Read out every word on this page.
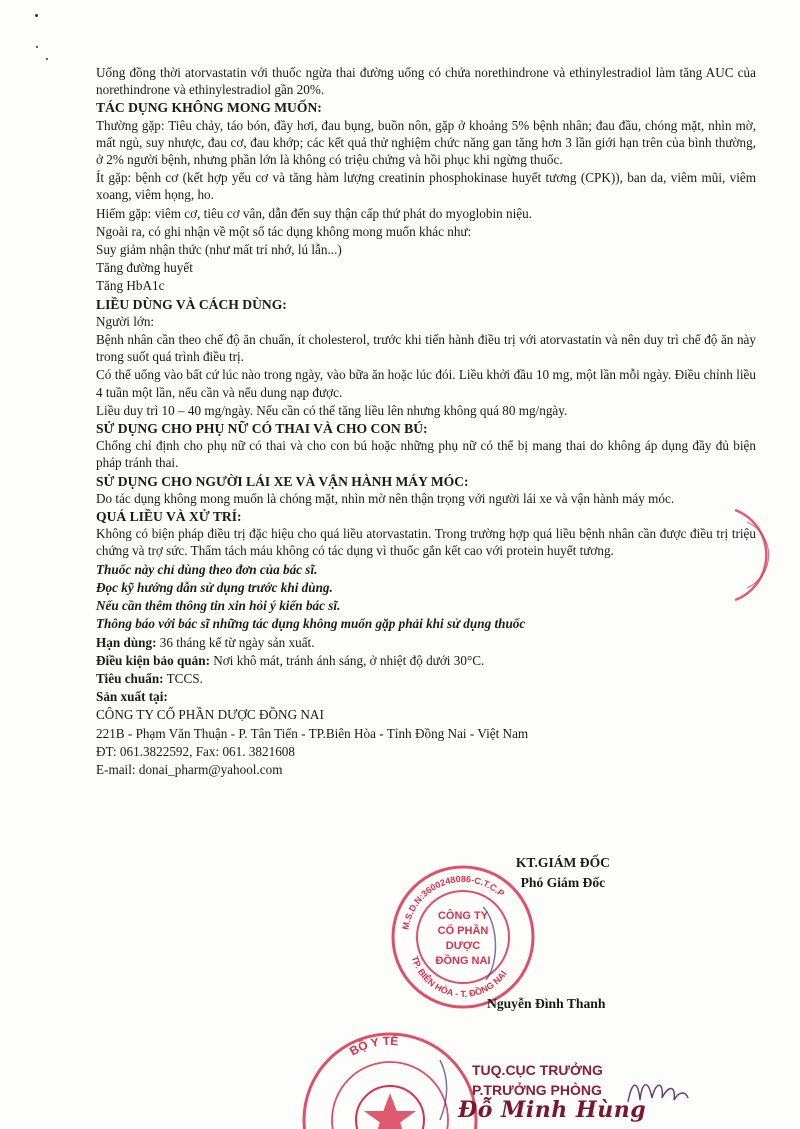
Uống đồng thời atorvastatin với thuốc ngừa thai đường uống có chứa norethindrone và ethinylestradiol làm tăng AUC của norethindrone và ethinylestradiol gần 20%.

TÁC DỤNG KHÔNG MONG MUỐN:

Thường gặp: Tiêu chảy, táo bón, đầy hơi, đau bụng, buồn nôn, gặp ở khoảng 5% bệnh nhân; đau đầu, chóng mặt, nhìn mờ, mất ngủ, suy nhược, đau cơ, đau khớp; các kết quả thử nghiệm chức năng gan tăng hơn 3 lần giới hạn trên của bình thường, ở 2% người bệnh, nhưng phần lớn là không có triệu chứng và hồi phục khi ngừng thuốc.

Ít gặp: bệnh cơ (kết hợp yếu cơ và tăng hàm lượng creatinin phosphokinase huyết tương (CPK)), ban da, viêm mũi, viêm xoang, viêm họng, ho.

Hiếm gặp: viêm cơ, tiêu cơ vân, dẫn đến suy thận cấp thứ phát do myoglobin niệu.

Ngoài ra, có ghi nhận về một số tác dụng không mong muốn khác như:

Suy giảm nhận thức (như mất trí nhớ, lú lẫn...)

Tăng đường huyết

Tăng HbA1c

LIỀU DÙNG VÀ CÁCH DÙNG:

Người lớn:

Bệnh nhân cần theo chế độ ăn chuẩn, ít cholesterol, trước khi tiến hành điều trị với atorvastatin và nên duy trì chế độ ăn này trong suốt quá trình điều trị.

Có thể uống vào bất cứ lúc nào trong ngày, vào bữa ăn hoặc lúc đói. Liều khởi đầu 10 mg, một lần mỗi ngày. Điều chỉnh liều 4 tuần một lần, nếu cần và nếu dung nạp được.

Liều duy trì 10 – 40 mg/ngày. Nếu cần có thể tăng liều lên nhưng không quá 80 mg/ngày.

SỬ DỤNG CHO PHỤ NỮ CÓ THAI VÀ CHO CON BÚ:

Chống chỉ định cho phụ nữ có thai và cho con bú hoặc những phụ nữ có thể bị mang thai do không áp dụng đầy đủ biện pháp tránh thai.

SỬ DỤNG CHO NGƯỜI LÁI XE VÀ VẬN HÀNH MÁY MÓC:

Do tác dụng không mong muốn là chóng mặt, nhìn mờ nên thận trọng với người lái xe và vận hành máy móc.

QUÁ LIỀU VÀ XỬ TRÍ:

Không có biện pháp điều trị đặc hiệu cho quá liều atorvastatin. Trong trường hợp quá liều bệnh nhân cần được điều trị triệu chứng và trợ sức. Thẩm tách máu không có tác dụng vì thuốc gắn kết cao với protein huyết tương.

Thuốc này chỉ dùng theo đơn của bác sĩ.

Đọc kỹ hướng dẫn sử dụng trước khi dùng.

Nếu cần thêm thông tin xin hỏi ý kiến bác sĩ.

Thông báo với bác sĩ những tác dụng không muốn gặp phải khi sử dụng thuốc

Hạn dùng: 36 tháng kể từ ngày sản xuất.

Điều kiện bảo quản: Nơi khô mát, tránh ánh sáng, ở nhiệt độ dưới 30°C.

Tiêu chuẩn: TCCS.

Sản xuất tại:

CÔNG TY CỔ PHẦN DƯỢC ĐỒNG NAI

221B - Phạm Văn Thuận - P. Tân Tiến - TP.Biên Hòa - Tỉnh Đồng Nai - Việt Nam

ĐT: 061.3822592, Fax: 061. 3821608

E-mail: donai_pharm@yahool.com

KT.GIÁM ĐỐC
Phó Giám Đốc
M.S.D.N:3600248086-C.T.C.P
TP. BIÊN HÒA - T. ĐỒNG NAI
CÔNG TY
CỔ PHẦN
DƯỢC
ĐỒNG NAI
Nguyễn Đình Thanh
BỘ Y TẾ
TUQ.CỤC TRƯỞNG
P.TRƯỞNG PHÒNG
Đỗ Minh Hùng
